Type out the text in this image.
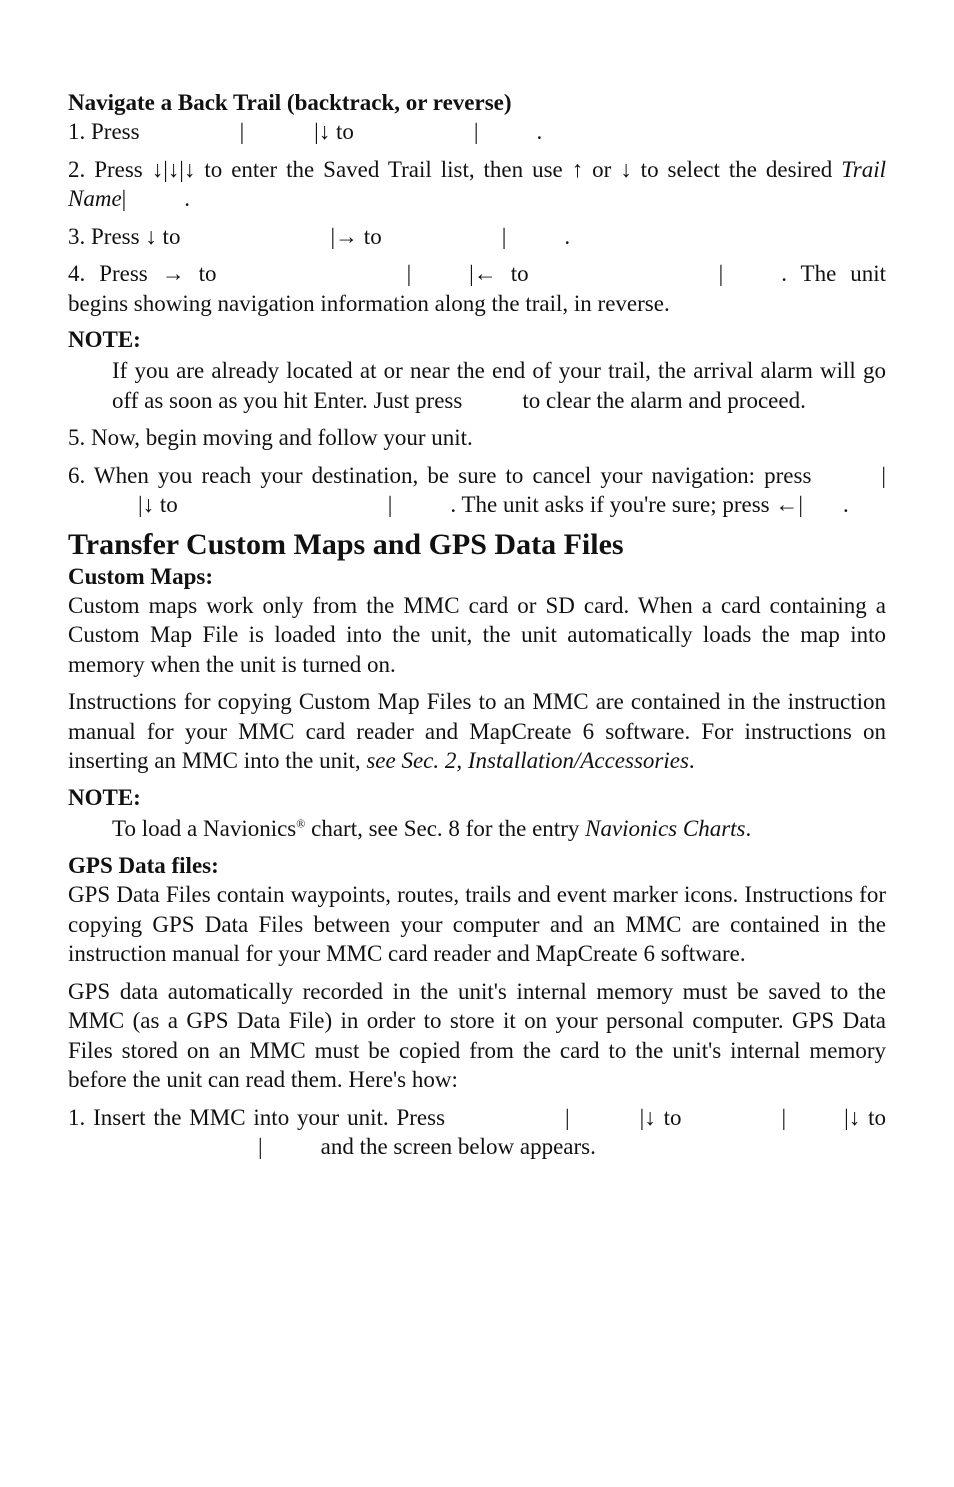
Navigate a Back Trail (backtrack, or reverse)

1. Press	|	|↓ to	|	.

2. Press ↓|↓|↓ to enter the Saved Trail list, then use ↑ or ↓ to select the desired Trail Name|	.

3. Press ↓ to	|→ to	|	.

4. Press → to	|	|← to	|	. The unit begins showing navigation information along the trail, in reverse.

NOTE:

If you are already located at or near the end of your trail, the arrival alarm will go off as soon as you hit Enter. Just press	to clear the alarm and proceed.

5. Now, begin moving and follow your unit.

6. When you reach your destination, be sure to cancel your navigation: press	||↓ to	|	. The unit asks if you're sure; press ←| .

Transfer Custom Maps and GPS Data Files
Custom Maps:

Custom maps work only from the MMC card or SD card. When a card containing a Custom Map File is loaded into the unit, the unit automatically loads the map into memory when the unit is turned on.

Instructions for copying Custom Map Files to an MMC are contained in the instruction manual for your MMC card reader and MapCreate 6 software. For instructions on inserting an MMC into the unit, see Sec. 2, Installation/Accessories.

NOTE:

To load a Navionics® chart, see Sec. 8 for the entry Navionics Charts.

GPS Data files:

GPS Data Files contain waypoints, routes, trails and event marker icons. Instructions for copying GPS Data Files between your computer and an MMC are contained in the instruction manual for your MMC card reader and MapCreate 6 software.

GPS data automatically recorded in the unit's internal memory must be saved to the MMC (as a GPS Data File) in order to store it on your personal computer. GPS Data Files stored on an MMC must be copied from the card to the unit's internal memory before the unit can read them. Here's how:

1. Insert the MMC into your unit. Press	|	|↓ to	|	|↓ to|	and the screen below appears.
